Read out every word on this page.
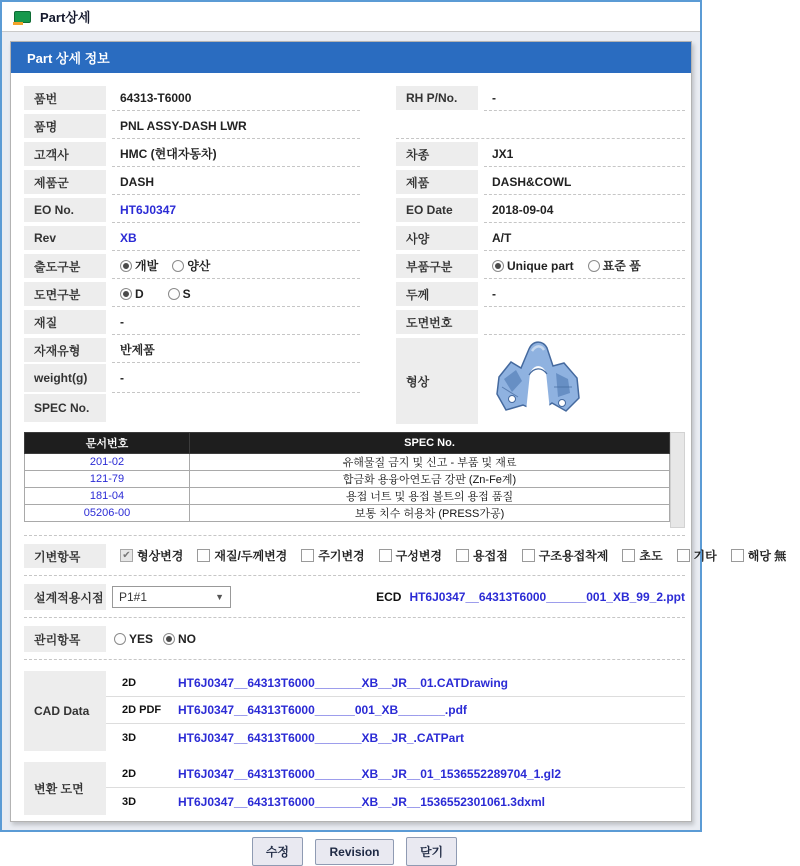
Part상세
Part 상세 정보
품번	64313-T6000	RH P/No.	-
품명	PNL ASSY-DASH LWR
고객사	HMC (현대자동차)	차종	JX1
제품군	DASH	제품	DASH&COWL
EO No.	HT6J0347	EO Date	2018-09-04
Rev	XB	사양	A/T
출도구분	개발 양산	부품구분	Unique part 표준 품
도면구분	D	S	두께	-
재질	-	도면번호
자재유형	반제품
weight(g)	-
SPEC No.
형상
문서번호	SPEC No.
201-02	유해물질 금지 및 신고 - 부품 및 재료
121-79	합금화 용융아연도금 강판 (Zn-Fe계)
181-04	용접 너트 및 용접 볼트의 용접 품질
05206-00	보통 치수 허용차 (PRESS가공)
기변항목 ✔	형상변경	재질/두께변경	주기변경	구성변경	용접점	구조용접착제	초도	기타	해당 無
설계적용시점 P1#1	▼	ECD HT6J0347__64313T6000______001_XB_99_2.ppt
관리항목	YES NO
CAD Data
2D	HT6J0347__64313T6000_______XB__JR__01.CATDrawing
2D PDF	HT6J0347__64313T6000______001_XB_______.pdf
3D	HT6J0347__64313T6000_______XB__JR_.CATPart
변환 도면
2D	HT6J0347__64313T6000_______XB__JR__01_1536552289704_1.gl2
3D	HT6J0347__64313T6000_______XB__JR__1536552301061.3dxml
수정	Revision	닫기
